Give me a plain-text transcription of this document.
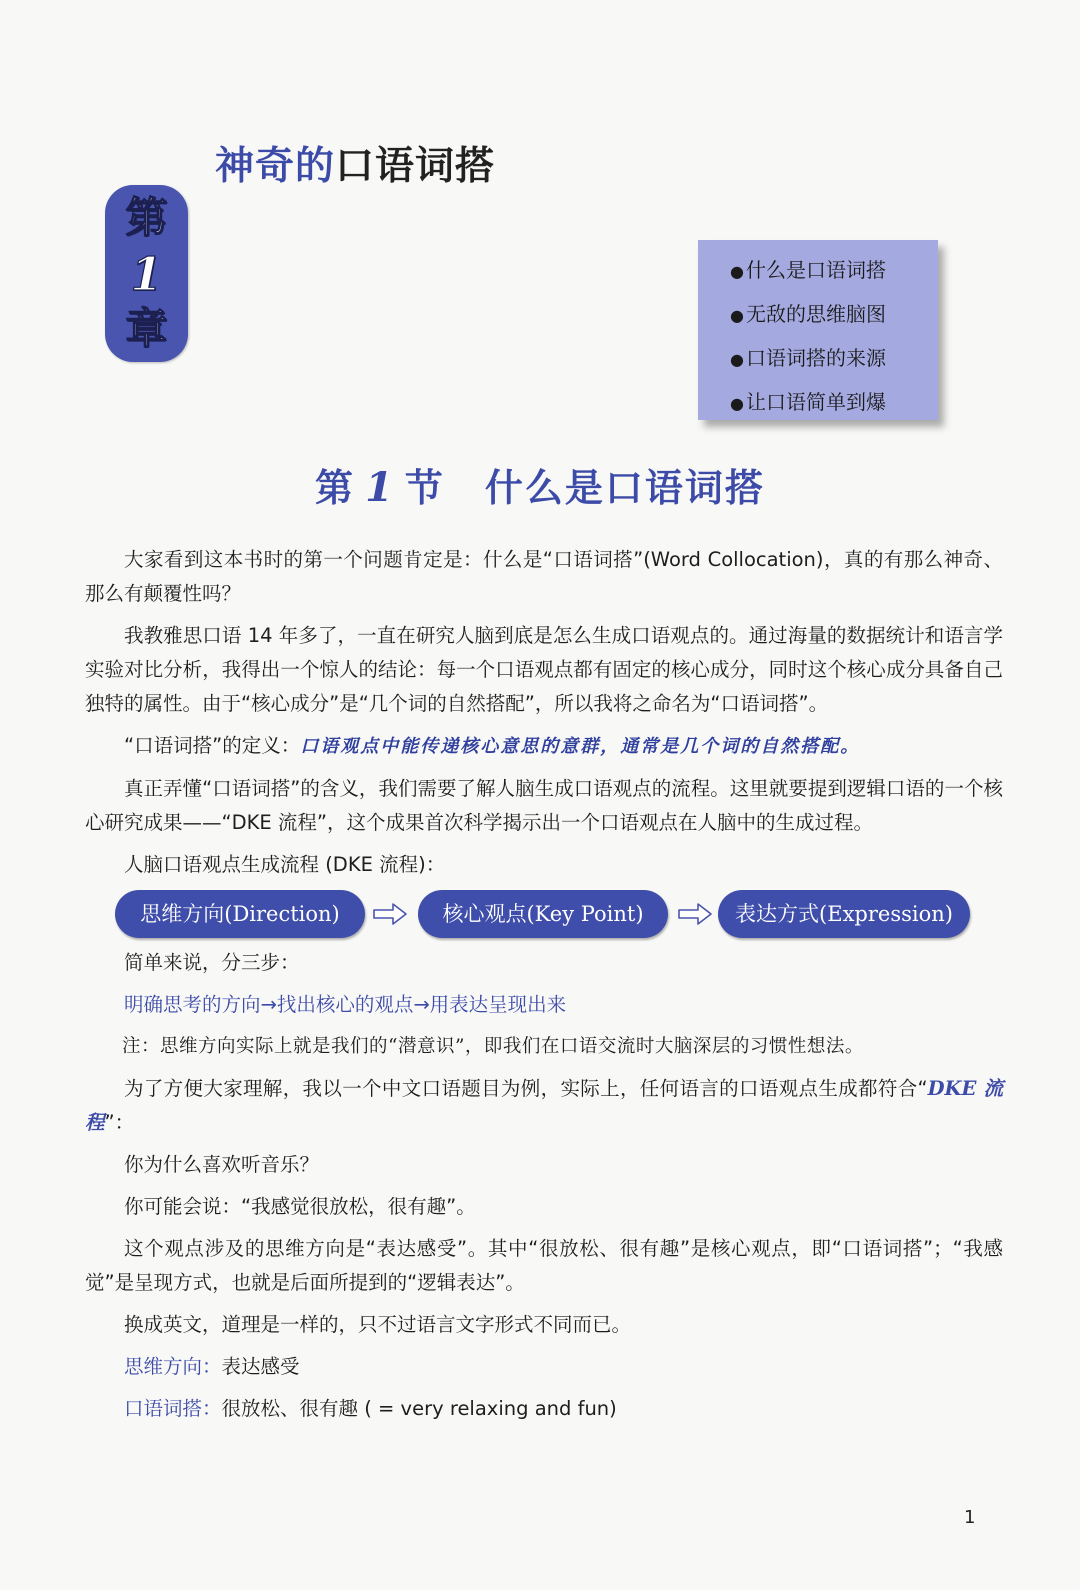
第
1
章
神奇的口语词搭
● 什么是口语词搭
● 无敌的思维脑图
● 口语词搭的来源
● 让口语简单到爆
第 1 节 什么是口语词搭

大家看到这本书时的第一个问题肯定是：什么是“口语词搭”(Word Collocation)，真的有那么神奇、那么有颠覆性吗？

我教雅思口语 14 年多了，一直在研究人脑到底是怎么生成口语观点的。通过海量的数据统计和语言学实验对比分析，我得出一个惊人的结论：每一个口语观点都有固定的核心成分，同时这个核心成分具备自己独特的属性。由于“核心成分”是“几个词的自然搭配”，所以我将之命名为“口语词搭”。

“口语词搭”的定义：口语观点中能传递核心意思的意群，通常是几个词的自然搭配。

真正弄懂“口语词搭”的含义，我们需要了解人脑生成口语观点的流程。这里就要提到逻辑口语的一个核心研究成果——“DKE 流程”，这个成果首次科学揭示出一个口语观点在人脑中的生成过程。

人脑口语观点生成流程 (DKE 流程)：

思维方向(Direction)	核心观点(Key Point)	表达方式(Expression)

简单来说，分三步：

明确思考的方向→找出核心的观点→用表达呈现出来

注：思维方向实际上就是我们的“潜意识”，即我们在口语交流时大脑深层的习惯性想法。

为了方便大家理解，我以一个中文口语题目为例，实际上，任何语言的口语观点生成都符合“DKE 流程”：

你为什么喜欢听音乐？

你可能会说：“我感觉很放松，很有趣”。

这个观点涉及的思维方向是“表达感受”。其中“很放松、很有趣”是核心观点，即“口语词搭”；“我感觉”是呈现方式，也就是后面所提到的“逻辑表达”。

换成英文，道理是一样的，只不过语言文字形式不同而已。

思维方向：表达感受

口语词搭：很放松、很有趣 ( = very relaxing and fun)

1
